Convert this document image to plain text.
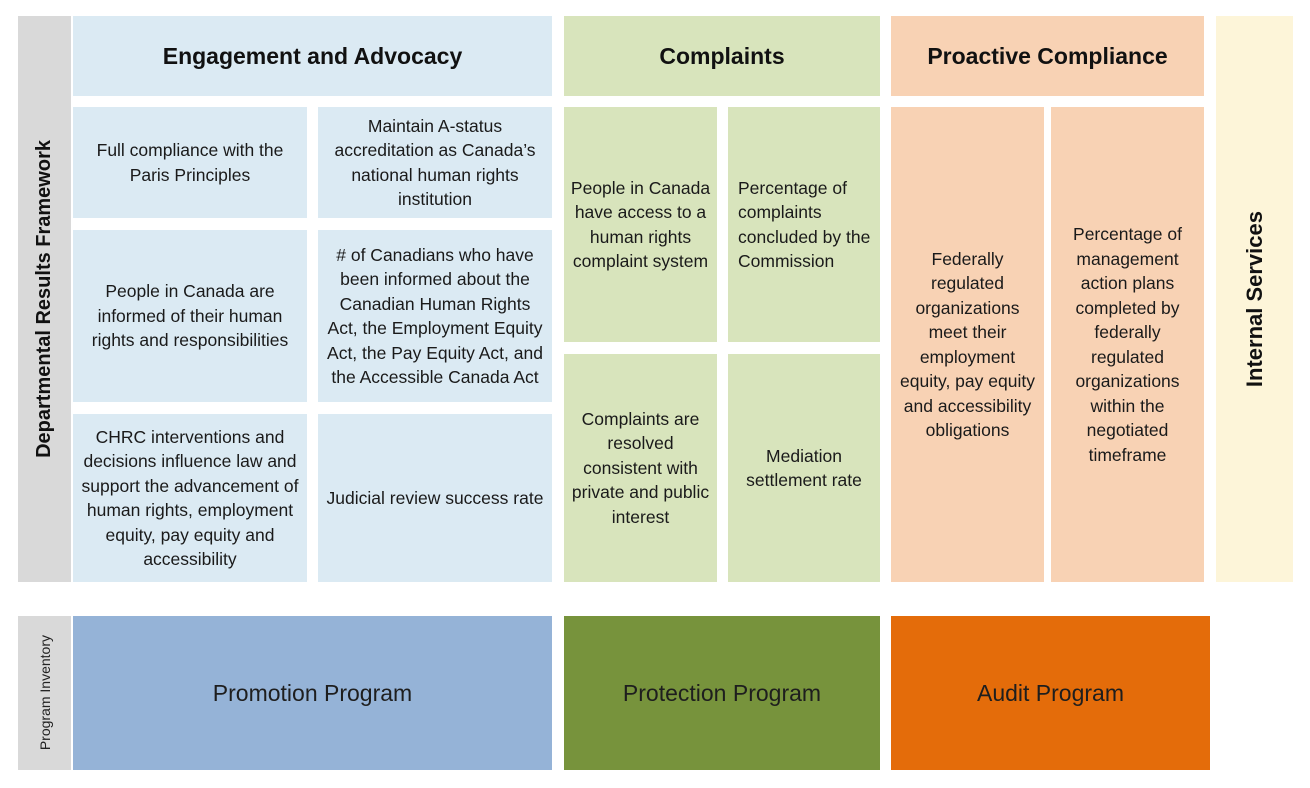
Departmental Results Framework
Program Inventory
Engagement and Advocacy
Full compliance with the Paris Principles
Maintain A-status accreditation as Canada’s national human rights institution
People in Canada are informed of their human rights and responsibilities
# of Canadians who have been informed about the Canadian Human Rights Act, the Employment Equity Act, the Pay Equity Act, and the Accessible Canada Act
CHRC interventions and decisions influence law and support the advancement of human rights, employment equity, pay equity and accessibility
Judicial review success rate
Complaints
People in Canada have access to a human rights complaint system
Percentage of complaints concluded by the Commission
Complaints are resolved consistent with private and public interest
Mediation settlement rate
Proactive Compliance
Federally regulated organizations meet their employment equity, pay equity and accessibility obligations
Percentage of management action plans completed by federally regulated organizations within the negotiated timeframe
Internal Services
Promotion Program	Protection Program	Audit Program
